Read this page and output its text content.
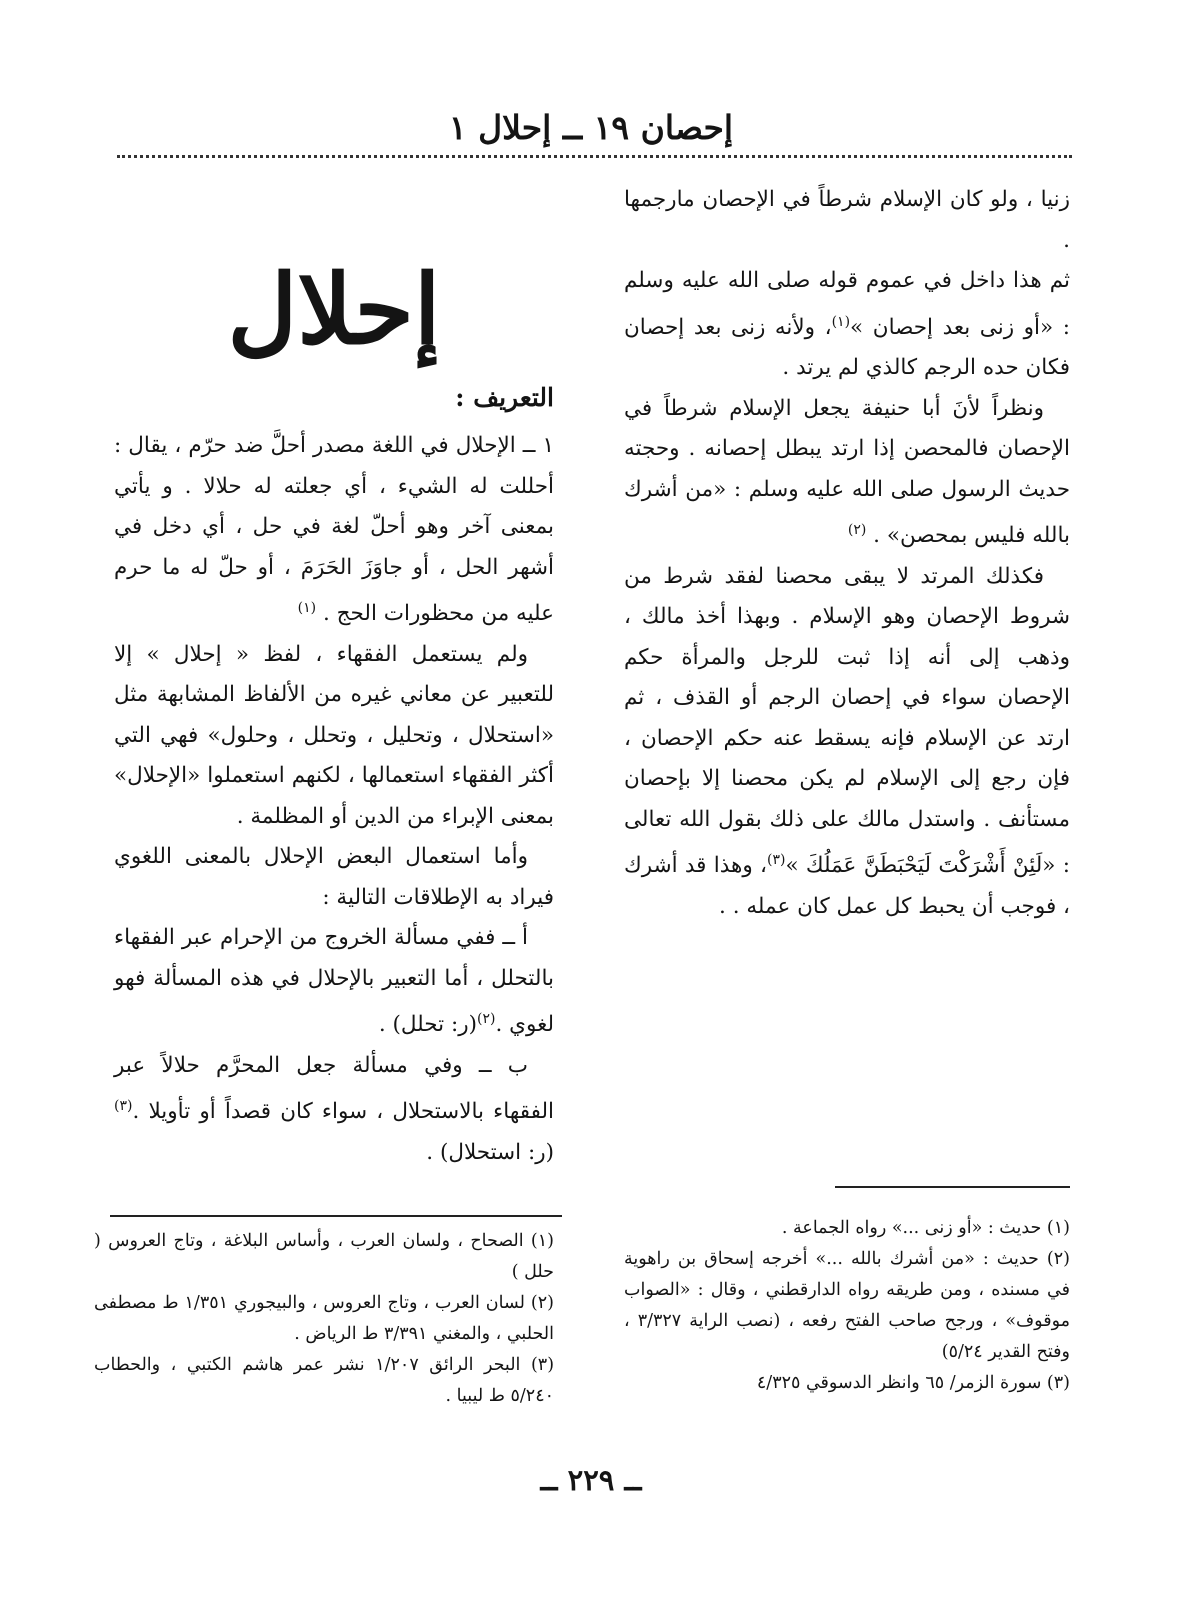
إحصان ١٩ ــ إحلال ١

زنيا ، ولو كان الإسلام شرطاً في الإحصان مارجمها .

ثم هذا داخل في عموم قوله صلى الله عليه وسلم : «أو زنى بعد إحصان »$^{(١)}$، ولأنه زنى بعد إحصان فكان حده الرجم كالذي لم يرتد .

ونظراً لأنَ أبا حنيفة يجعل الإسلام شرطاً في الإحصان فالمحصن إذا ارتد يبطل إحصانه . وحجته حديث الرسول صلى الله عليه وسلم : «من أشرك بالله فليس بمحصن» . $^{(٢)}$

فكذلك المرتد لا يبقى محصنا لفقد شرط من شروط الإحصان وهو الإسلام . وبهذا أخذ مالك ، وذهب إلى أنه إذا ثبت للرجل والمرأة حكم الإحصان سواء في إحصان الرجم أو القذف ، ثم ارتد عن الإسلام فإنه يسقط عنه حكم الإحصان ، فإن رجع إلى الإسلام لم يكن محصنا إلا بإحصان مستأنف . واستدل مالك على ذلك بقول الله تعالى : «لَئِنْ أَشْرَكْتَ لَيَحْبَطَنَّ عَمَلُكَ »$^{(٣)}$، وهذا قد أشرك ، فوجب أن يحبط كل عمل كان عمله . .

إحلال

التعريف :

١ ــ الإحلال في اللغة مصدر أحلَّ ضد حرّم ، يقال : أحللت له الشيء ، أي جعلته له حلالا . و يأتي بمعنى آخر وهو أحلّ لغة في حل ، أي دخل في أشهر الحل ، أو جاوَزَ الحَرَمَ ، أو حلّ له ما حرم عليه من محظورات الحج . $^{(١)}$

ولم يستعمل الفقهاء ، لفظ « إحلال » إلا للتعبير عن معاني غيره من الألفاظ المشابهة مثل «استحلال ، وتحليل ، وتحلل ، وحلول» فهي التي أكثر الفقهاء استعمالها ، لكنهم استعملوا «الإحلال» بمعنى الإبراء من الدين أو المظلمة .

وأما استعمال البعض الإحلال بالمعنى اللغوي فيراد به الإطلاقات التالية :

أ ــ ففي مسألة الخروج من الإحرام عبر الفقهاء بالتحلل ، أما التعبير بالإحلال في هذه المسألة فهو لغوي .$^{(٢)}$(ر: تحلل) .

ب ــ وفي مسألة جعل المحرَّم حلالاً عبر الفقهاء بالاستحلال ، سواء كان قصداً أو تأويلا .$^{(٣)}$(ر: استحلال) .

(١) حديث : «أو زنى ...» رواه الجماعة .

(٢) حديث : «من أشرك بالله ...» أخرجه إسحاق بن راهوية في مسنده ، ومن طريقه رواه الدارقطني ، وقال : «الصواب موقوف» ، ورجح صاحب الفتح رفعه ، (نصب الراية ٣/٣٢٧ ، وفتح القدير ٥/٢٤)

(٣) سورة الزمر/ ٦٥ وانظر الدسوقي ٤/٣٢٥

(١) الصحاح ، ولسان العرب ، وأساس البلاغة ، وتاج العروس ( حلل )

(٢) لسان العرب ، وتاج العروس ، والبيجوري ١/٣٥١ ط مصطفى الحلبي ، والمغني ٣/٣٩١ ط الرياض .

(٣) البحر الرائق ١/٢٠٧ نشر عمر هاشم الكتبي ، والحطاب ٥/٢٤٠ ط ليبيا .

ــ ٢٢٩ ــ
